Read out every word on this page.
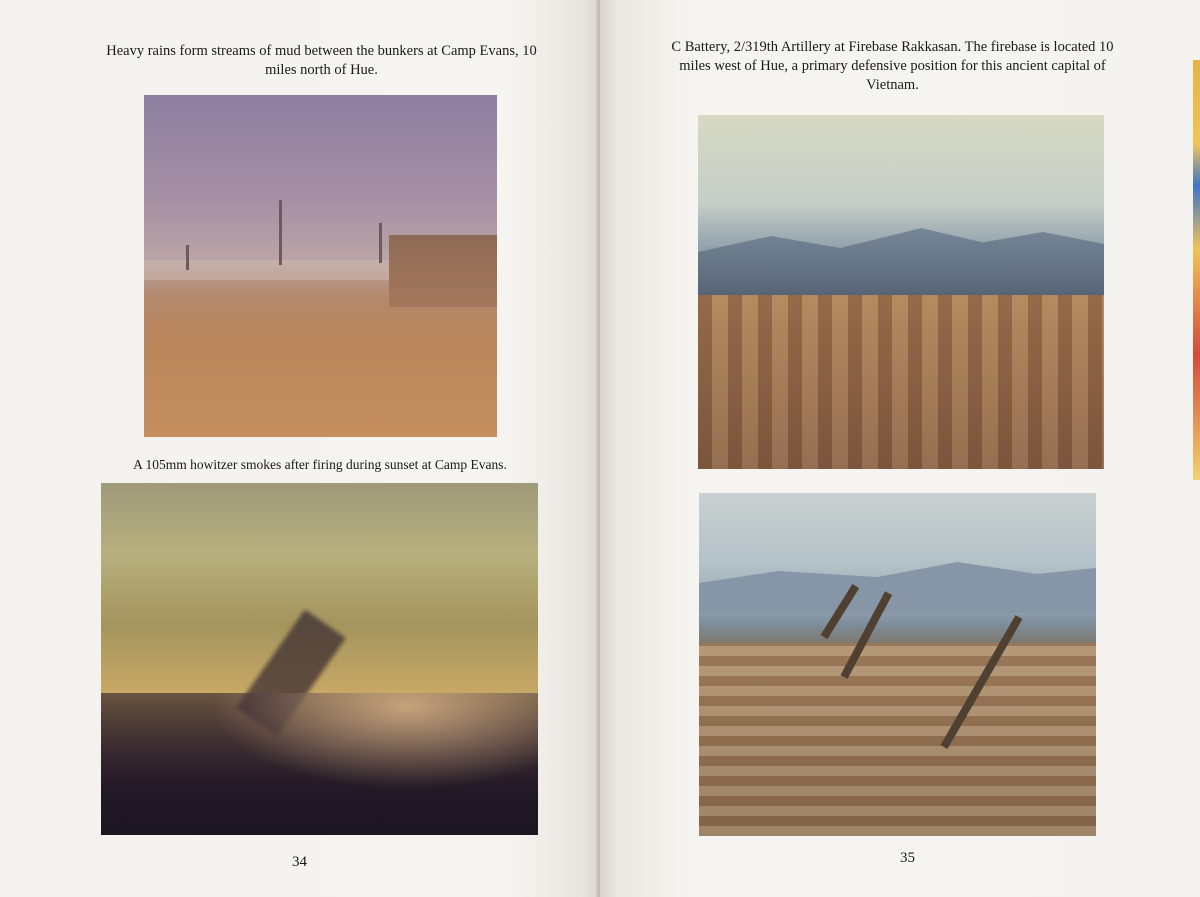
Heavy rains form streams of mud between the bunkers at Camp Evans, 10 miles north of Hue.
A 105mm howitzer smokes after firing during sunset at Camp Evans.
34
C Battery, 2/319th Artillery at Firebase Rakkasan. The firebase is located 10 miles west of Hue, a primary defensive position for this ancient capital of Vietnam.
35
